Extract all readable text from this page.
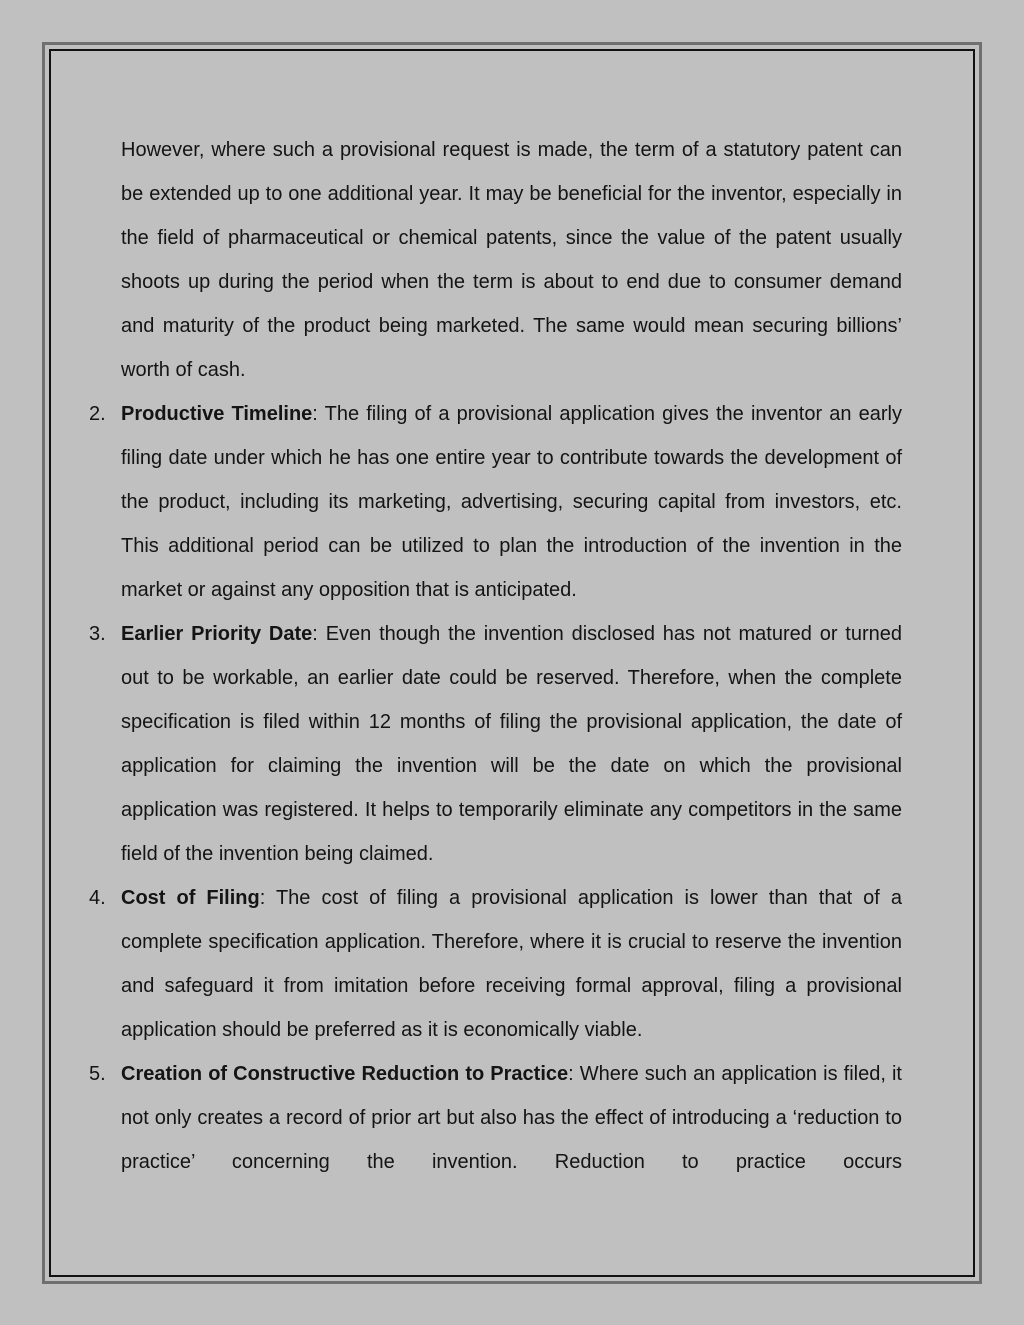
However, where such a provisional request is made, the term of a statutory patent can be extended up to one additional year. It may be beneficial for the inventor, especially in the field of pharmaceutical or chemical patents, since the value of the patent usually shoots up during the period when the term is about to end due to consumer demand and maturity of the product being marketed. The same would mean securing billions’ worth of cash.

2. Productive Timeline: The filing of a provisional application gives the inventor an early filing date under which he has one entire year to contribute towards the development of the product, including its marketing, advertising, securing capital from investors, etc. This additional period can be utilized to plan the introduction of the invention in the market or against any opposition that is anticipated.
3. Earlier Priority Date: Even though the invention disclosed has not matured or turned out to be workable, an earlier date could be reserved. Therefore, when the complete specification is filed within 12 months of filing the provisional application, the date of application for claiming the invention will be the date on which the provisional application was registered. It helps to temporarily eliminate any competitors in the same field of the invention being claimed.
4. Cost of Filing: The cost of filing a provisional application is lower than that of a complete specification application. Therefore, where it is crucial to reserve the invention and safeguard it from imitation before receiving formal approval, filing a provisional application should be preferred as it is economically viable.
5. Creation of Constructive Reduction to Practice: Where such an application is filed, it not only creates a record of prior art but also has the effect of introducing a ‘reduction to practice’ concerning the invention. Reduction to practice occurs
